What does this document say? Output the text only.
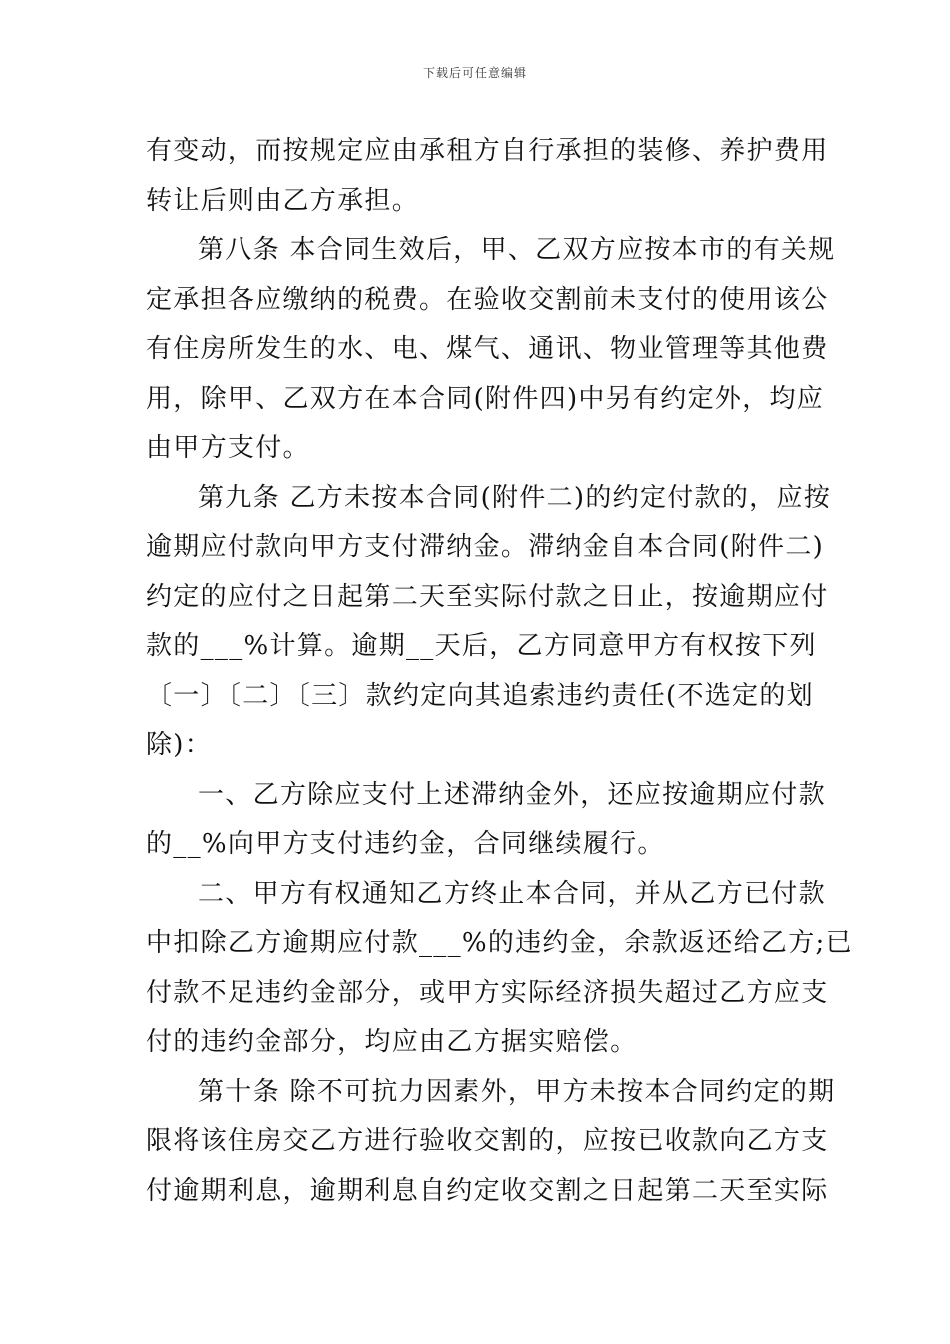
下载后可任意编辑
有变动，而按规定应由承租方自行承担的装修、养护费用
转让后则由乙方承担。
第八条 本合同生效后，甲、乙双方应按本市的有关规
定承担各应缴纳的税费。在验收交割前未支付的使用该公
有住房所发生的水、电、煤气、通讯、物业管理等其他费
用，除甲、乙双方在本合同(附件四)中另有约定外，均应
由甲方支付。
第九条 乙方未按本合同(附件二)的约定付款的，应按
逾期应付款向甲方支付滞纳金。滞纳金自本合同(附件二)
约定的应付之日起第二天至实际付款之日止，按逾期应付
款的___%计算。逾期__天后，乙方同意甲方有权按下列
〔一〕〔二〕〔三〕款约定向其追索违约责任(不选定的划
除)：
一、乙方除应支付上述滞纳金外，还应按逾期应付款
的__%向甲方支付违约金，合同继续履行。
二、甲方有权通知乙方终止本合同，并从乙方已付款
中扣除乙方逾期应付款___%的违约金，余款返还给乙方;已
付款不足违约金部分，或甲方实际经济损失超过乙方应支
付的违约金部分，均应由乙方据实赔偿。
第十条 除不可抗力因素外，甲方未按本合同约定的期
限将该住房交乙方进行验收交割的，应按已收款向乙方支
付逾期利息，逾期利息自约定收交割之日起第二天至实际
